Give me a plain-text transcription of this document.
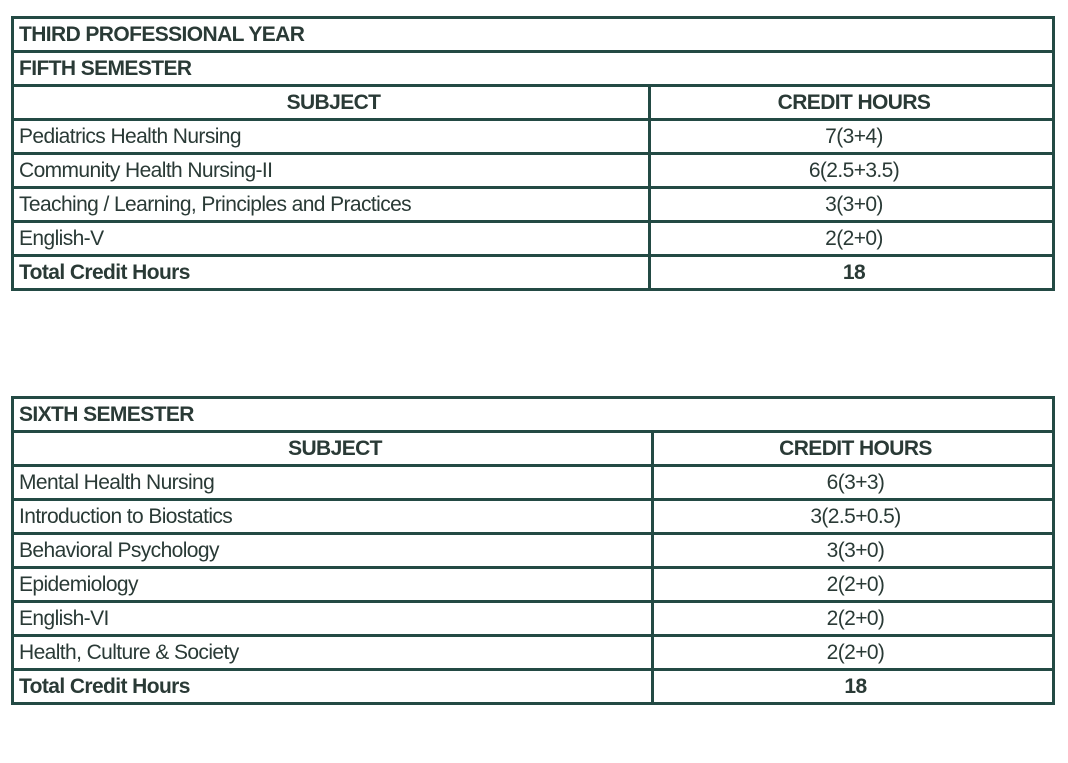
THIRD PROFESSIONAL YEAR	
FIFTH SEMESTER	
SUBJECT	CREDIT HOURS
Pediatrics Health Nursing	7(3+4)
Community Health Nursing-II	6(2.5+3.5)
Teaching / Learning, Principles and Practices	3(3+0)
English-V	2(2+0)
Total Credit Hours	18
SIXTH SEMESTER	
SUBJECT	CREDIT HOURS
Mental Health Nursing	6(3+3)
Introduction to Biostatics	3(2.5+0.5)
Behavioral Psychology	3(3+0)
Epidemiology	2(2+0)
English-VI	2(2+0)
Health, Culture & Society	2(2+0)
Total Credit Hours	18
